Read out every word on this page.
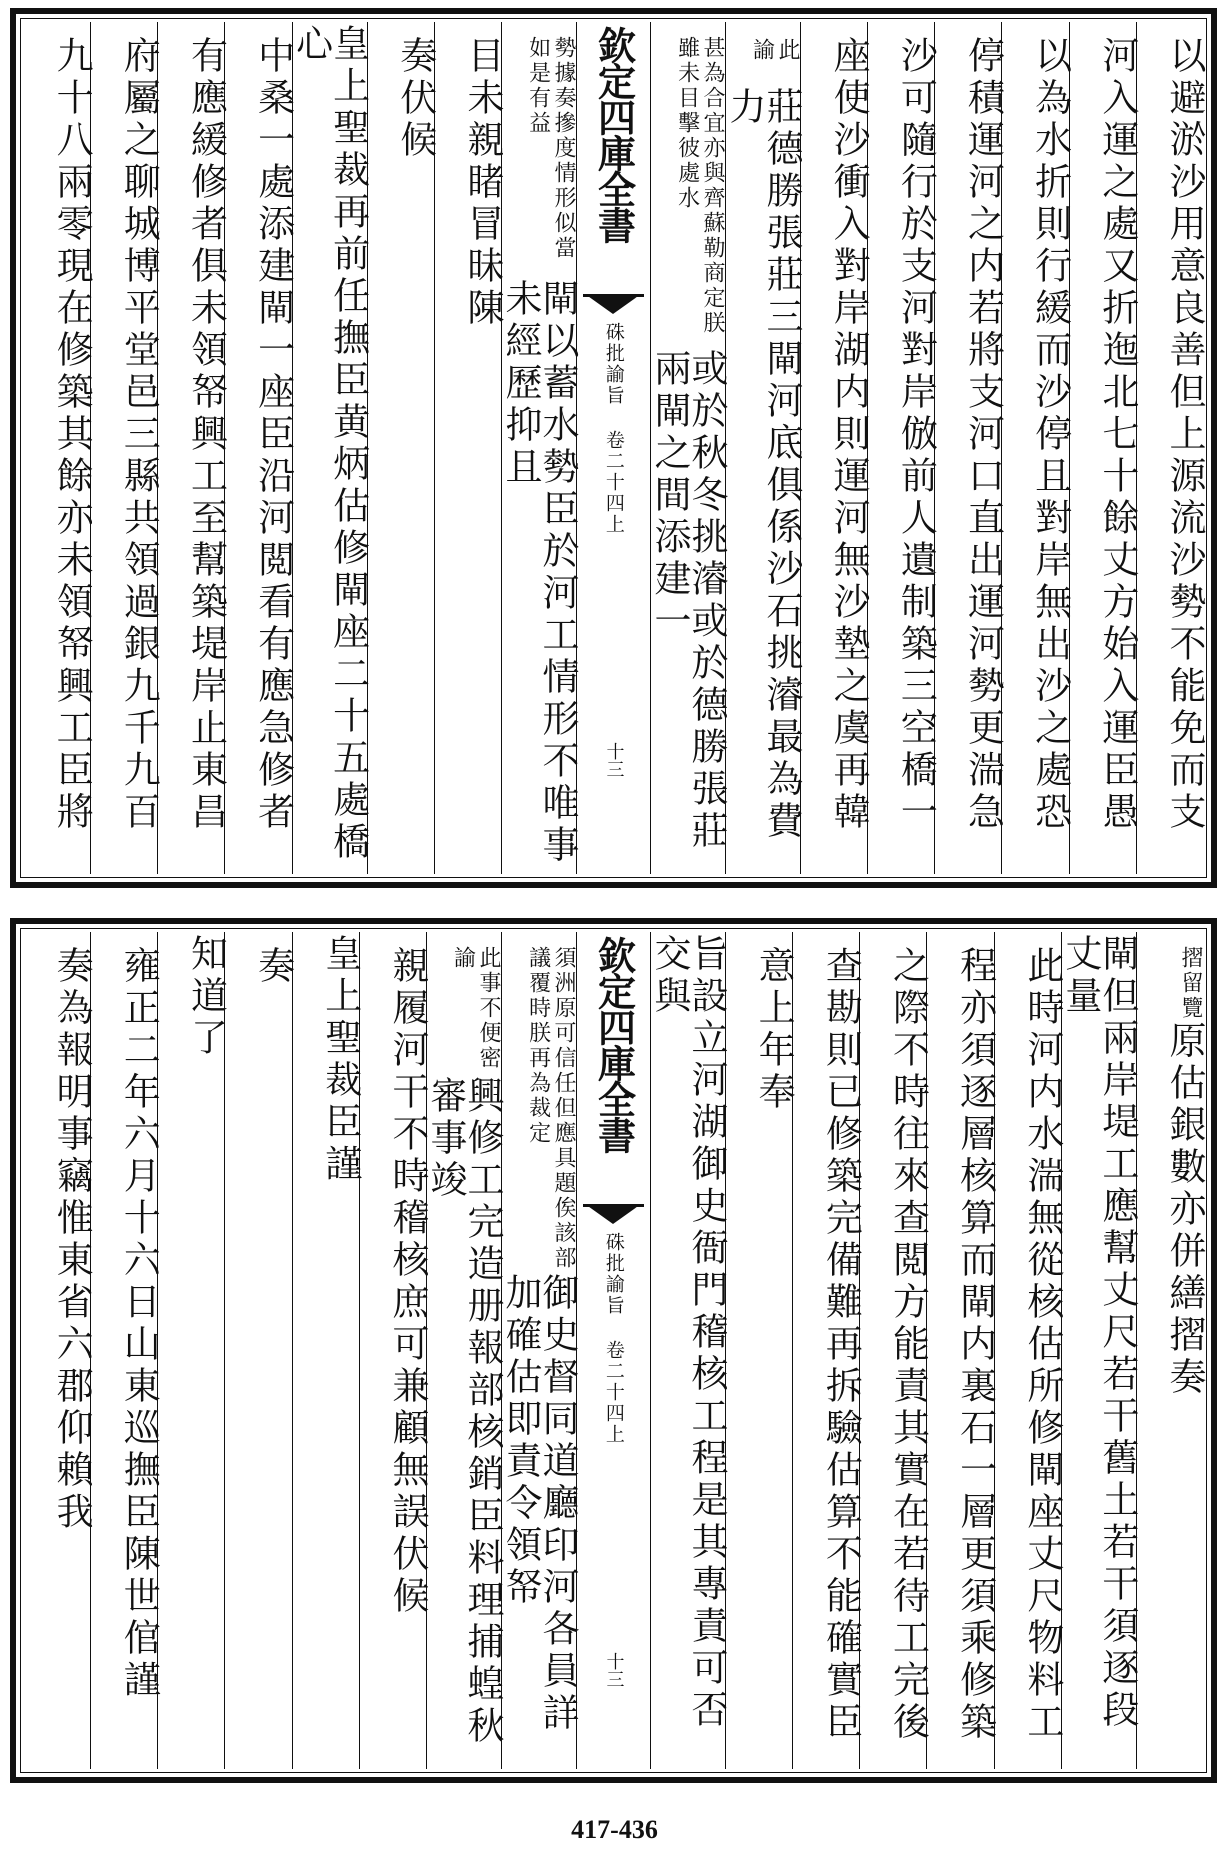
以避淤沙用意良善但上源流沙勢不能免而支
河入運之處又折迤北七十餘丈方始入運臣愚
以為水折則行緩而沙停且對岸無出沙之處恐
停積運河之内若將支河口直出運河勢更湍急
沙可隨行於支河對岸倣前人遺制築三空橋一
座使沙衝入對岸湖内則運河無沙墊之虞再韓
此諭
莊德勝張莊三閘河底俱係沙石挑濬最為費力
甚為合宜亦與齊蘇勒商定朕雖未目擊彼處水
或於秋冬挑濬或於德勝張莊兩閘之間添建一
欽定四庫全書
硃批諭旨 卷二十四上
十三
勢據奏摻度情形似當如是有益
閘以蓄水勢臣於河工情形不唯事未經歷抑且
目未親睹冒昧陳
奏伏候
皇上聖裁再前任撫臣黄炳估修閘座二十五處橋心
中桑一處添建閘一座臣沿河閲看有應急修者
有應緩修者俱未領帑興工至幫築堤岸止東昌
府屬之聊城博平堂邑三縣共領過銀九千九百
九十八兩零現在修築其餘亦未領帑興工臣將
摺留覽
原估銀數亦併繕摺奏
閘但兩岸堤工應幫丈尺若干舊土若干須逐段丈量
此時河内水湍無從核估所修閘座丈尺物料工
程亦須逐層核算而閘内裏石一層更須乘修築
之際不時往來查閲方能責其實在若待工完後
查勘則已修築完備難再拆驗估算不能確實臣
意上年奉
旨設立河湖御史衙門稽核工程是其專責可否交與
欽定四庫全書
硃批諭旨 卷二十四上
十三
須洲原可信任但應具題俟該部議覆時朕再為裁定
御史督同道廳印河各員詳加確估即責令領帑
此事不便密諭
興修工完造册報部核銷臣料理捕蝗秋審事竣
親履河干不時稽核庶可兼顧無誤伏候
皇上聖裁臣謹
奏
知道了
雍正二年六月十六日山東巡撫臣陳世倌謹
奏為報明事竊惟東省六郡仰賴我
417-436
